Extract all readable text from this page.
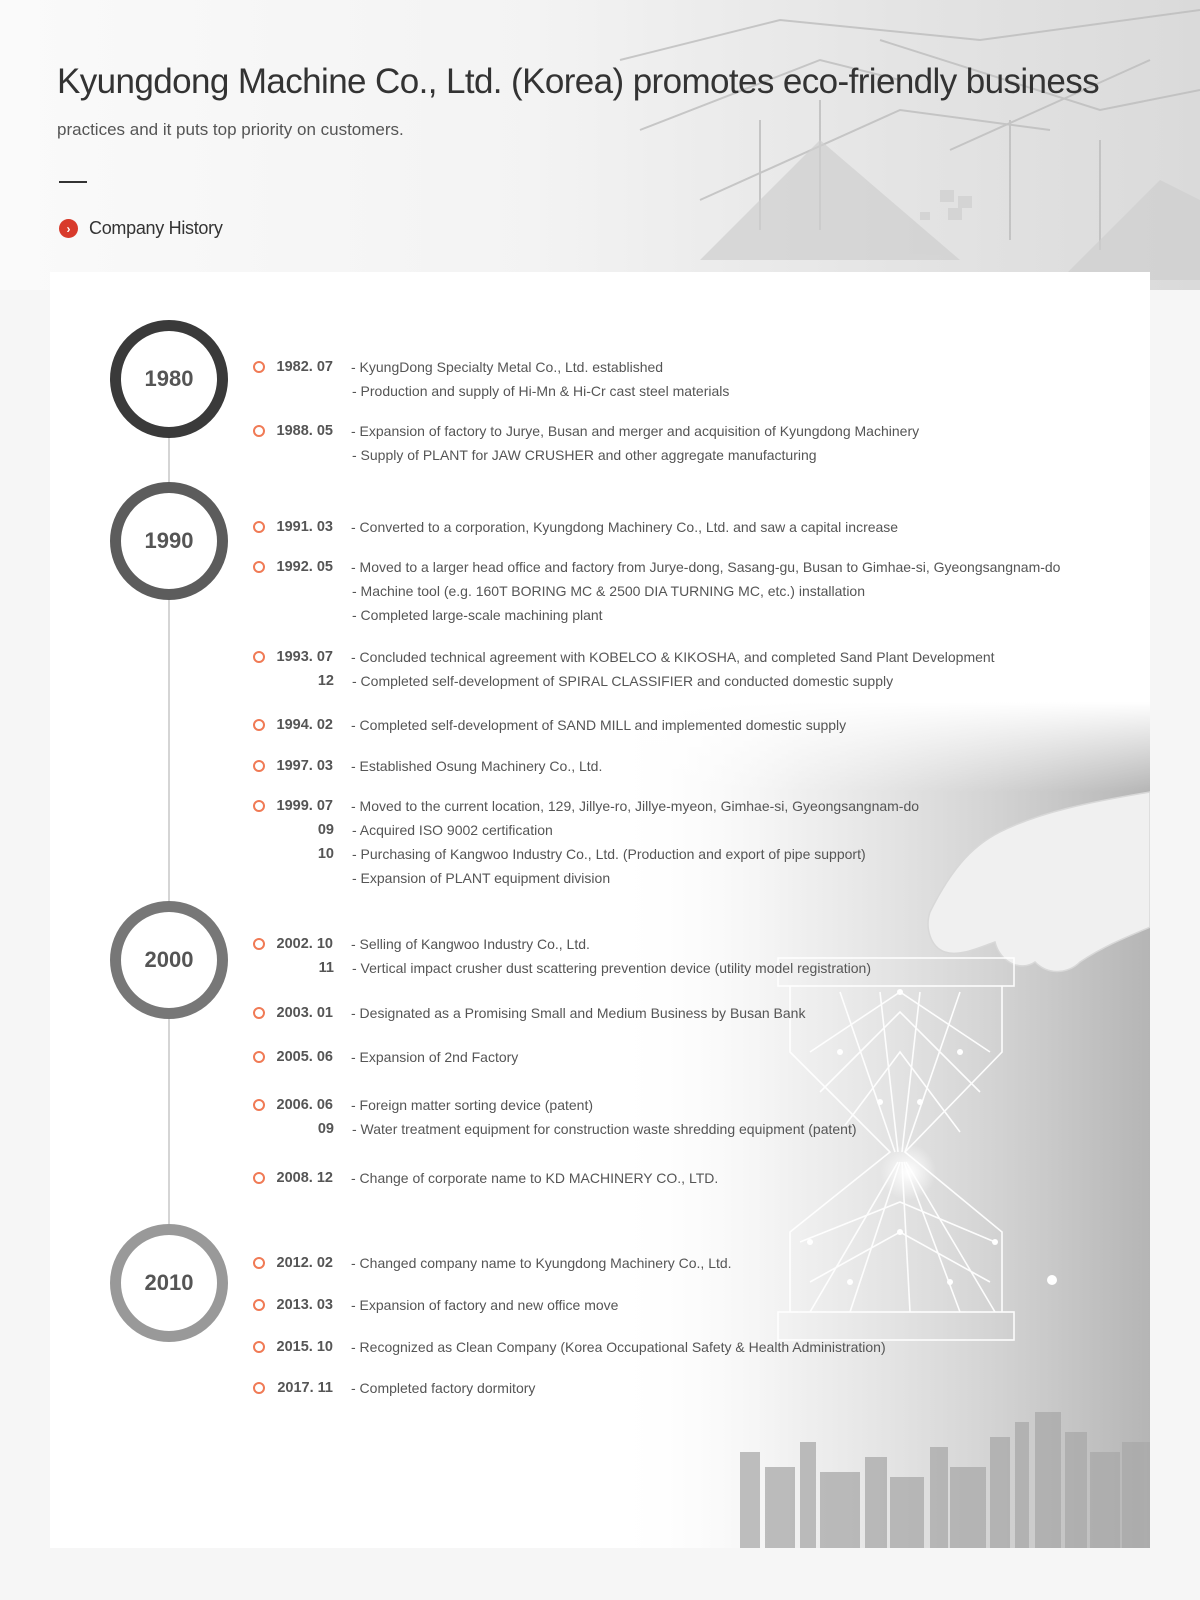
Kyungdong Machine Co., Ltd. (Korea) promotes eco-friendly business

practices and it puts top priority on customers.

›	Company History
1980
1990
2000
2010
1982. 07 - KyungDong Specialty Metal Co., Ltd. established
- Production and supply of Hi-Mn & Hi-Cr cast steel materials
1988. 05 - Expansion of factory to Jurye, Busan and merger and acquisition of Kyungdong Machinery
- Supply of PLANT for JAW CRUSHER and other aggregate manufacturing
1991. 03 - Converted to a corporation, Kyungdong Machinery Co., Ltd. and saw a capital increase
1992. 05 - Moved to a larger head office and factory from Jurye-dong, Sasang-gu, Busan to Gimhae-si, Gyeongsangnam-do
- Machine tool (e.g. 160T BORING MC & 2500 DIA TURNING MC, etc.) installation
- Completed large-scale machining plant
1993. 07 - Concluded technical agreement with KOBELCO & KIKOSHA, and completed Sand Plant Development
12 - Completed self-development of SPIRAL CLASSIFIER and conducted domestic supply
1994. 02 - Completed self-development of SAND MILL and implemented domestic supply
1997. 03 - Established Osung Machinery Co., Ltd.
1999. 07 - Moved to the current location, 129, Jillye-ro, Jillye-myeon, Gimhae-si, Gyeongsangnam-do
09 - Acquired ISO 9002 certification
10 - Purchasing of Kangwoo Industry Co., Ltd. (Production and export of pipe support)
- Expansion of PLANT equipment division
2002. 10 - Selling of Kangwoo Industry Co., Ltd.
11 - Vertical impact crusher dust scattering prevention device (utility model registration)
2003. 01 - Designated as a Promising Small and Medium Business by Busan Bank
2005. 06 - Expansion of 2nd Factory
2006. 06 - Foreign matter sorting device (patent)
09 - Water treatment equipment for construction waste shredding equipment (patent)
2008. 12 - Change of corporate name to KD MACHINERY CO., LTD.
2012. 02 - Changed company name to Kyungdong Machinery Co., Ltd.
2013. 03 - Expansion of factory and new office move
2015. 10 - Recognized as Clean Company (Korea Occupational Safety & Health Administration)
2017. 11 - Completed factory dormitory
